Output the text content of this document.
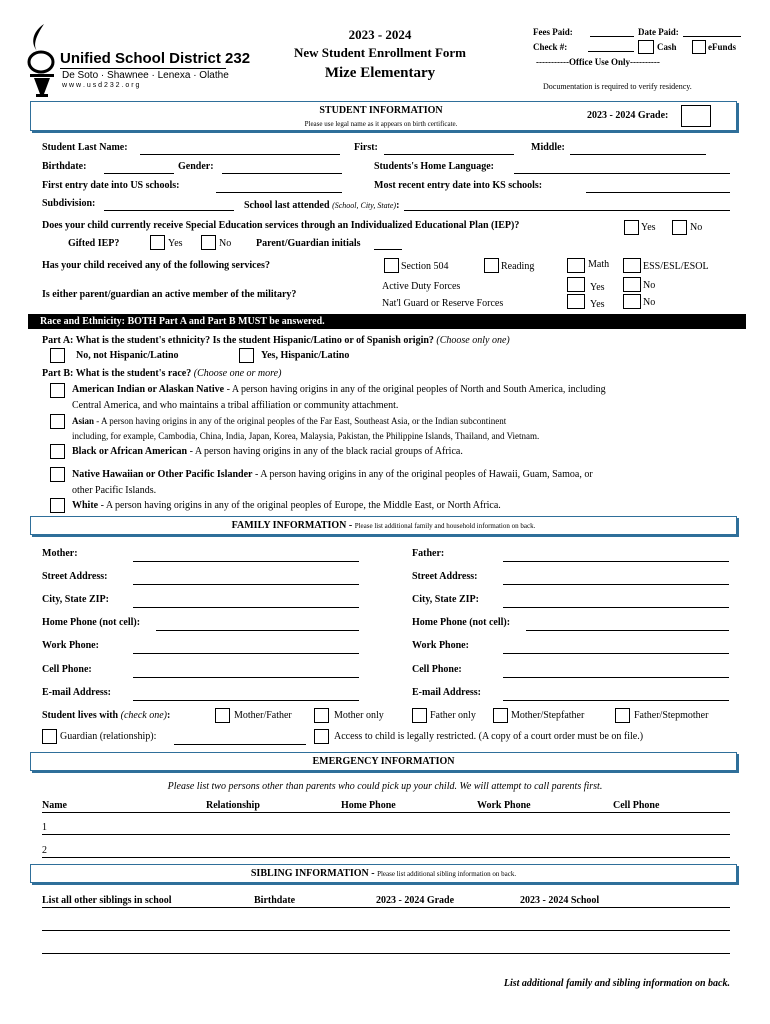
Unified School District 232
De Soto · Shawnee · Lenexa · Olathe
w w w . u s d 2 3 2 . o r g
2023 - 2024
New Student Enrollment Form
Mize Elementary
Fees Paid:	Date Paid:
Check #:	Cash	eFunds
-----------Office Use Only----------
Documentation is required to verify residency.
STUDENT INFORMATION
Please use legal name as it appears on birth certificate.
2023 - 2024 Grade:
Student Last Name:	First:	Middle:
Birthdate:	Gender:	Students's Home Language:
First entry date into US schools:	Most recent entry date into KS schools:
Subdivision:	School last attended (School, City, State):
Does your child currently receive Special Education services through an Individualized Educational Plan (IEP)?	Yes	No
Gifted IEP?	Yes	No Parent/Guardian initials
Has your child received any of the following services?	Section 504	Reading	Math	ESS/ESL/ESOL
Is either parent/guardian an active member of the military?
Active Duty Forces	Yes	No
Nat'l Guard or Reserve Forces	Yes	No
Race and Ethnicity: BOTH Part A and Part B MUST be answered.
Part A: What is the student's ethnicity? Is the student Hispanic/Latino or of Spanish origin? (Choose only one)
No, not Hispanic/Latino	Yes, Hispanic/Latino
Part B: What is the student's race? (Choose one or more)
American Indian or Alaskan Native - A person having origins in any of the original peoples of North and South America, including
Central America, and who maintains a tribal affiliation or community attachment.
Asian - A person having origins in any of the original peoples of the Far East, Southeast Asia, or the Indian subcontinent
including, for example, Cambodia, China, India, Japan, Korea, Malaysia, Pakistan, the Philippine Islands, Thailand, and Vietnam.
Black or African American - A person having origins in any of the black racial groups of Africa.
Native Hawaiian or Other Pacific Islander - A person having origins in any of the original peoples of Hawaii, Guam, Samoa, or
other Pacific Islands.
White - A person having origins in any of the original peoples of Europe, the Middle East, or North Africa.
FAMILY INFORMATION - Please list additional family and household information on back.
Mother:	Father:
Street Address:	Street Address:
City, State ZIP:	City, State ZIP:
Home Phone (not cell):	Home Phone (not cell):
Work Phone:	Work Phone:
Cell Phone:	Cell Phone:
E-mail Address:	E-mail Address:
Student lives with (check one):	Mother/Father	Mother only	Father only	Mother/Stepfather	Father/Stepmother
Guardian (relationship):	Access to child is legally restricted. (A copy of a court order must be on file.)
EMERGENCY INFORMATION
Please list two persons other than parents who could pick up your child. We will attempt to call parents first.
Name	Relationship	Home Phone	Work Phone	Cell Phone
1
2
SIBLING INFORMATION - Please list additional sibling information on back.
List all other siblings in school	Birthdate	2023 - 2024 Grade	2023 - 2024 School
List additional family and sibling information on back.
